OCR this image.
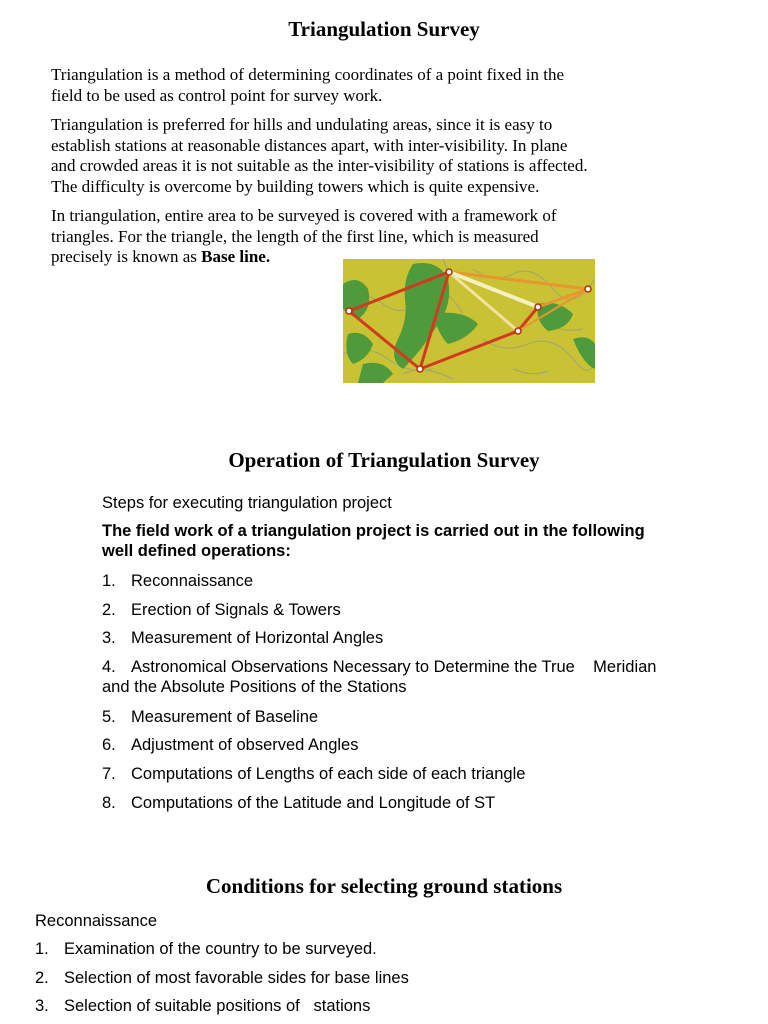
Triangulation Survey

Triangulation is a method of determining coordinates of a point fixed in the

field to be used as control point for survey work.

Triangulation is preferred for hills and undulating areas, since it is easy to

establish stations at reasonable distances apart, with inter-visibility. In plane

and crowded areas it is not suitable as the inter-visibility of stations is affected.

The difficulty is overcome by building towers which is quite expensive.

In triangulation, entire area to be surveyed is covered with a framework of

triangles. For the triangle, the length of the first line, which is measured

precisely is known as Base line.

Operation of Triangulation Survey
Steps for executing triangulation project
The field work of a triangulation project is carried out in the following
well defined operations:
1. Reconnaissance
2. Erection of Signals & Towers
3. Measurement of Horizontal Angles
4. Astronomical Observations Necessary to Determine the True    Meridian
and the Absolute Positions of the Stations
5. Measurement of Baseline
6. Adjustment of observed Angles
7. Computations of Lengths of each side of each triangle
8. Computations of the Latitude and Longitude of ST
Conditions for selecting ground stations
Reconnaissance
1. Examination of the country to be surveyed.
2. Selection of most favorable sides for base lines
3. Selection of suitable positions of   stations
